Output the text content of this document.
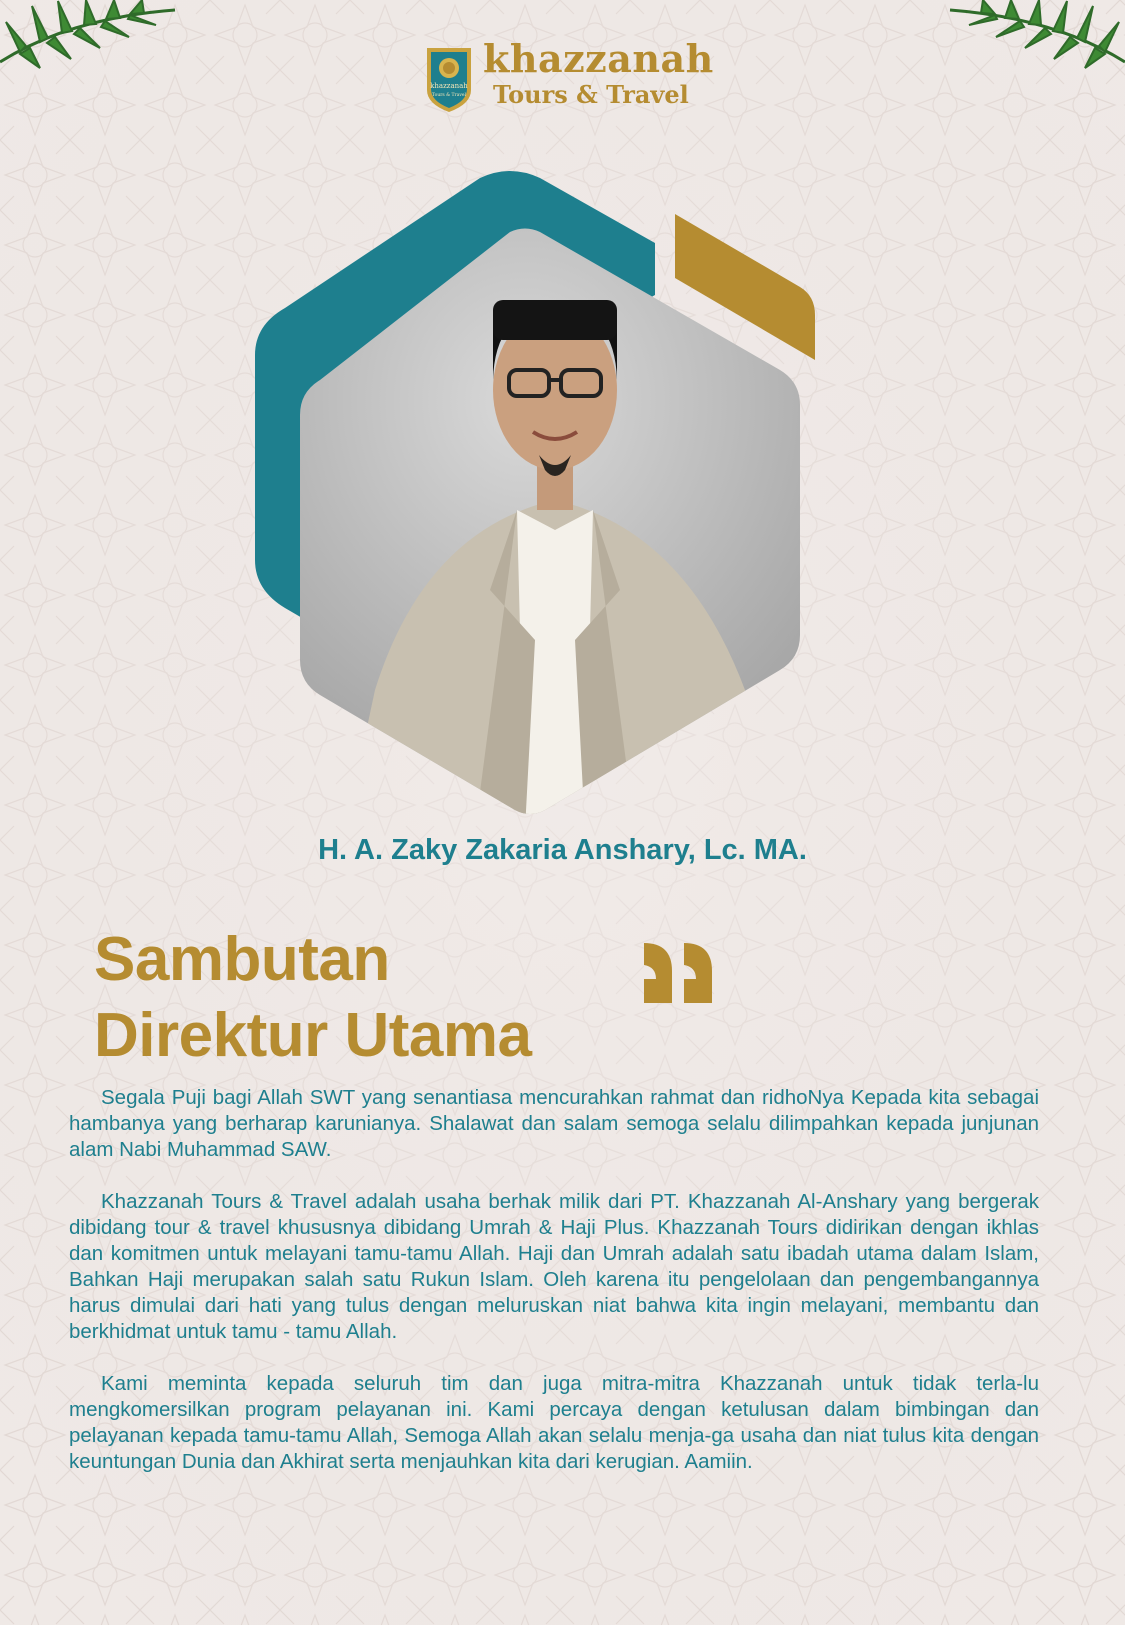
khazzanah
Tours & Travel
khazzanah
Tours & Travel
H. A. Zaky Zakaria Anshary, Lc. MA.
Sambutan
Direktur Utama

Segala Puji bagi Allah SWT yang senantiasa mencurahkan rahmat dan ridhoNya Kepada kita sebagai hambanya yang berharap karunianya. Shalawat dan salam semoga selalu dilimpahkan kepada junjunan alam Nabi Muhammad SAW.

Khazzanah Tours & Travel adalah usaha berhak milik dari PT. Khazzanah Al-Anshary yang bergerak dibidang tour & travel khususnya dibidang Umrah & Haji Plus. Khazzanah Tours didirikan dengan ikhlas dan komitmen untuk melayani tamu-tamu Allah. Haji dan Umrah adalah satu ibadah utama dalam Islam, Bahkan Haji merupakan salah satu Rukun Islam. Oleh karena itu pengelolaan dan pengembangannya harus dimulai dari hati yang tulus dengan meluruskan niat bahwa kita ingin melayani, membantu dan berkhidmat untuk tamu - tamu Allah.

Kami meminta kepada seluruh tim dan juga mitra-mitra Khazzanah untuk tidak terla-lu mengkomersilkan program pelayanan ini. Kami percaya dengan ketulusan dalam bimbingan dan pelayanan kepada tamu-tamu Allah, Semoga Allah akan selalu menja-ga usaha dan niat tulus kita dengan keuntungan Dunia dan Akhirat serta menjauhkan kita dari kerugian. Aamiin.
